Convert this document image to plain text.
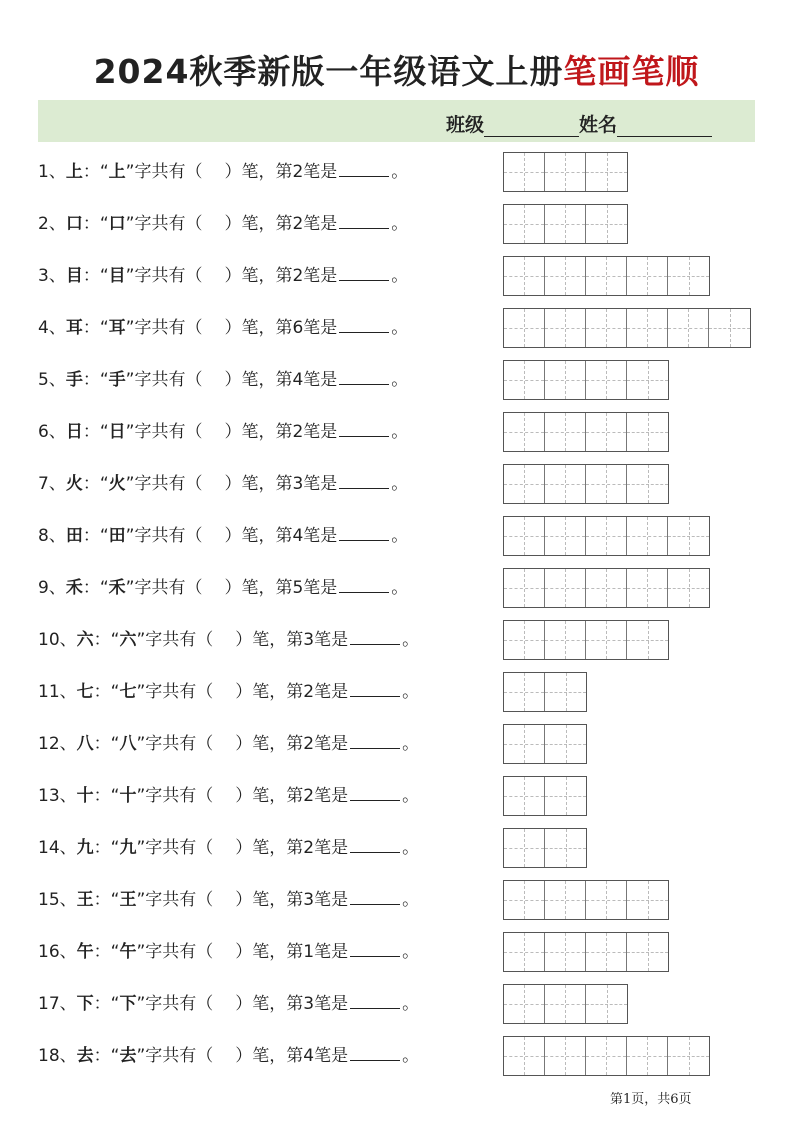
2024秋季新版一年级语文上册笔画笔顺
班级	姓名
1、上：“上”字共有（ ）笔，第2笔是	。
2、口：“口”字共有（ ）笔，第2笔是	。
3、目：“目”字共有（ ）笔，第2笔是	。
4、耳：“耳”字共有（ ）笔，第6笔是	。
5、手：“手”字共有（ ）笔，第4笔是	。
6、日：“日”字共有（ ）笔，第2笔是	。
7、火：“火”字共有（ ）笔，第3笔是	。
8、田：“田”字共有（ ）笔，第4笔是	。
9、禾：“禾”字共有（ ）笔，第5笔是	。
10、六：“六”字共有（ ）笔，第3笔是	。
11、七：“七”字共有（ ）笔，第2笔是	。
12、八：“八”字共有（ ）笔，第2笔是	。
13、十：“十”字共有（ ）笔，第2笔是	。
14、九：“九”字共有（ ）笔，第2笔是	。
15、王：“王”字共有（ ）笔，第3笔是	。
16、午：“午”字共有（ ）笔，第1笔是	。
17、下：“下”字共有（ ）笔，第3笔是	。
18、去：“去”字共有（ ）笔，第4笔是	。
第1页，共6页
